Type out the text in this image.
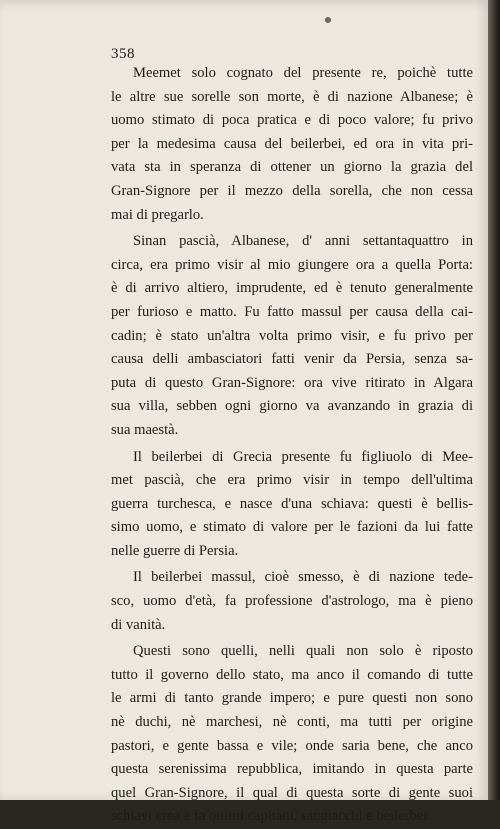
358
Meemet solo cognato del presente re, poichè tutte
le altre sue sorelle son morte, è di nazione Albanese; è
uomo stimato di poca pratica e di poco valore; fu privo
per la medesima causa del beilerbei, ed ora in vita pri-
vata sta in speranza di ottener un giorno la grazia del
Gran-Signore per il mezzo della sorella, che non cessa
mai di pregarlo.
Sinan pascià, Albanese, d' anni settantaquattro in
circa, era primo visir al mio giungere ora a quella Porta:
è di arrivo altiero, imprudente, ed è tenuto generalmente
per furioso e matto. Fu fatto massul per causa della cai-
cadin; è stato un'altra volta primo visir, e fu privo per
causa delli ambasciatori fatti venir da Persia, senza sa-
puta di questo Gran-Signore: ora vive ritirato in Algara
sua villa, sebben ogni giorno va avanzando in grazia di
sua maestà.
Il beilerbei di Grecia presente fu figliuolo di Mee-
met pascià, che era primo visir in tempo dell'ultima
guerra turchesca, e nasce d'una schiava: questi è bellis-
simo uomo, e stimato di valore per le fazioni da lui fatte
nelle guerre di Persia.
Il beilerbei massul, cioè smesso, è di nazione tede-
sco, uomo d'età, fa professione d'astrologo, ma è pieno
di vanità.
Questi sono quelli, nelli quali non solo è riposto
tutto il governo dello stato, ma anco il comando di tutte
le armi di tanto grande impero; e pure questi non sono
nè duchi, nè marchesi, nè conti, ma tutti per origine
pastori, e gente bassa e vile; onde saria bene, che anco
questa serenissima repubblica, imitando in questa parte
quel Gran-Signore, il qual di questa sorte di gente suoi
schiavi crea e fa ottimi capitani, sangiacchi e beilerbei
